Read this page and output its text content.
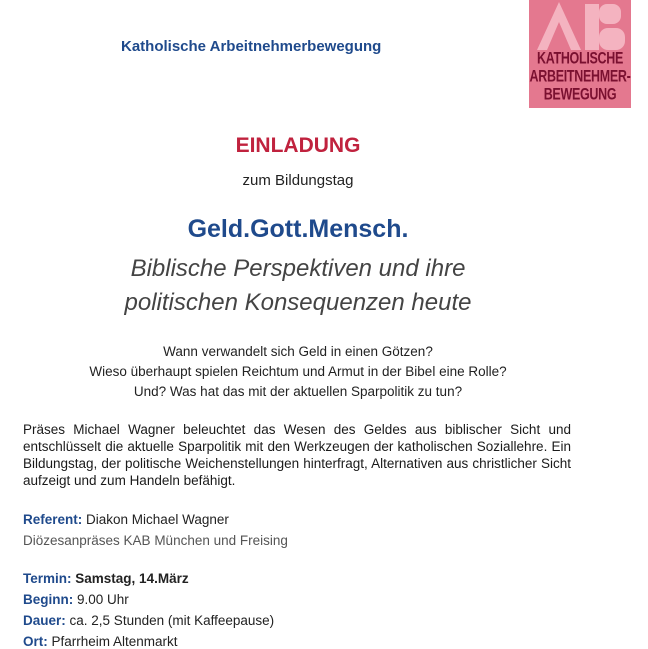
Katholische Arbeitnehmerbewegung
KATHOLISCHE
ARBEITNEHMER-
BEWEGUNG
EINLADUNG
zum Bildungstag
Geld.Gott.Mensch.
Biblische Perspektiven und ihre
politischen Konsequenzen heute
Wann verwandelt sich Geld in einen Götzen?
Wieso überhaupt spielen Reichtum und Armut in der Bibel eine Rolle?
Und? Was hat das mit der aktuellen Sparpolitik zu tun?
Präses Michael Wagner beleuchtet das Wesen des Geldes aus biblischer Sicht und entschlüsselt die aktuelle Sparpolitik mit den Werkzeugen der katholischen Soziallehre. Ein Bildungstag, der politische Weichenstellungen hinterfragt, Alternativen aus christlicher Sicht aufzeigt und zum Handeln befähigt.
Referent: Diakon Michael Wagner
Diözesanpräses KAB München und Freising
Termin: Samstag, 14.März
Beginn: 9.00 Uhr
Dauer: ca. 2,5 Stunden (mit Kaffeepause)
Ort: Pfarrheim Altenmarkt
